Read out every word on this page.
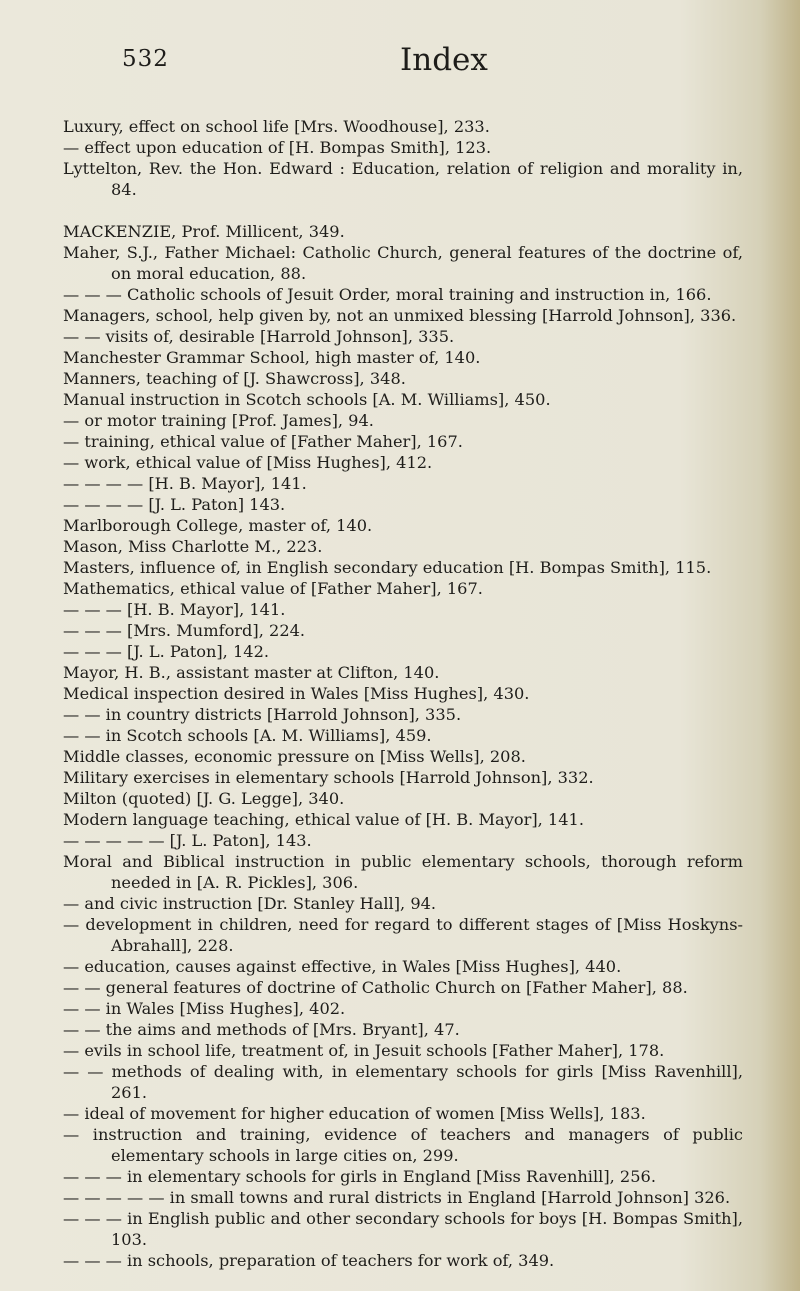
532	Index
Luxury, effect on school life [Mrs. Woodhouse], 233.
— effect upon education of [H. Bompas Smith], 123.
Lyttelton, Rev. the Hon. Edward : Education, relation of religion and morality in, 84.
MACKENZIE, Prof. Millicent, 349.
Maher, S.J., Father Michael: Catholic Church, general features of the doctrine of, on moral education, 88.
— — — Catholic schools of Jesuit Order, moral training and instruction in, 166.
Managers, school, help given by, not an unmixed blessing [Harrold Johnson], 336.
— — visits of, desirable [Harrold Johnson], 335.
Manchester Grammar School, high master of, 140.
Manners, teaching of [J. Shawcross], 348.
Manual instruction in Scotch schools [A. M. Williams], 450.
— or motor training [Prof. James], 94.
— training, ethical value of [Father Maher], 167.
— work, ethical value of [Miss Hughes], 412.
— — — — [H. B. Mayor], 141.
— — — — [J. L. Paton] 143.
Marlborough College, master of, 140.
Mason, Miss Charlotte M., 223.
Masters, influence of, in English secondary education [H. Bompas Smith], 115.
Mathematics, ethical value of [Father Maher], 167.
— — — [H. B. Mayor], 141.
— — — [Mrs. Mumford], 224.
— — — [J. L. Paton], 142.
Mayor, H. B., assistant master at Clifton, 140.
Medical inspection desired in Wales [Miss Hughes], 430.
— — in country districts [Harrold Johnson], 335.
— — in Scotch schools [A. M. Williams], 459.
Middle classes, economic pressure on [Miss Wells], 208.
Military exercises in elementary schools [Harrold Johnson], 332.
Milton (quoted) [J. G. Legge], 340.
Modern language teaching, ethical value of [H. B. Mayor], 141.
— — — — — [J. L. Paton], 143.
Moral and Biblical instruction in public elementary schools, thorough reform needed in [A. R. Pickles], 306.
— and civic instruction [Dr. Stanley Hall], 94.
— development in children, need for regard to different stages of [Miss Hoskyns-Abrahall], 228.
— education, causes against effective, in Wales [Miss Hughes], 440.
— — general features of doctrine of Catholic Church on [Father Maher], 88.
— — in Wales [Miss Hughes], 402.
— — the aims and methods of [Mrs. Bryant], 47.
— evils in school life, treatment of, in Jesuit schools [Father Maher], 178.
— — methods of dealing with, in elementary schools for girls [Miss Ravenhill], 261.
— ideal of movement for higher education of women [Miss Wells], 183.
— instruction and training, evidence of teachers and managers of public elementary schools in large cities on, 299.
— — — in elementary schools for girls in England [Miss Ravenhill], 256.
— — — — — in small towns and rural districts in England [Harrold Johnson] 326.
— — — in English public and other secondary schools for boys [H. Bompas Smith], 103.
— — — in schools, preparation of teachers for work of, 349.
